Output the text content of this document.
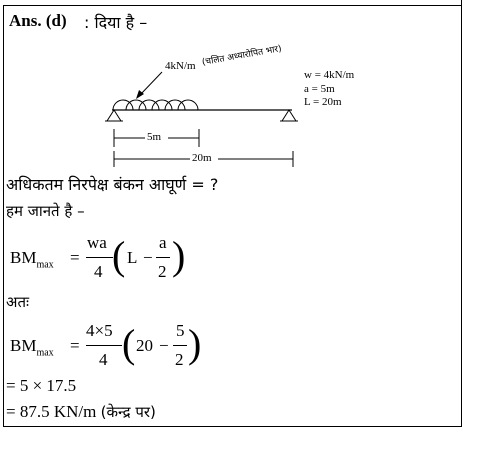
Ans. (d) : दिया है –
4kN/m (चलित अध्यारोपित भार)
w = 4kN/m
a = 5m
L = 20m
5m
20m
अधिकतम निरपेक्ष बंकन आघूर्ण = ?
हम जानते है –
$BM_{max}$ =
wa
4 ( L −
a
2 )
अतः
$BM_{max}$ =
4×5
4 ( 20 −
5
2 )
= 5 × 17.5
= 87.5 KN/m (केन्द्र पर)
